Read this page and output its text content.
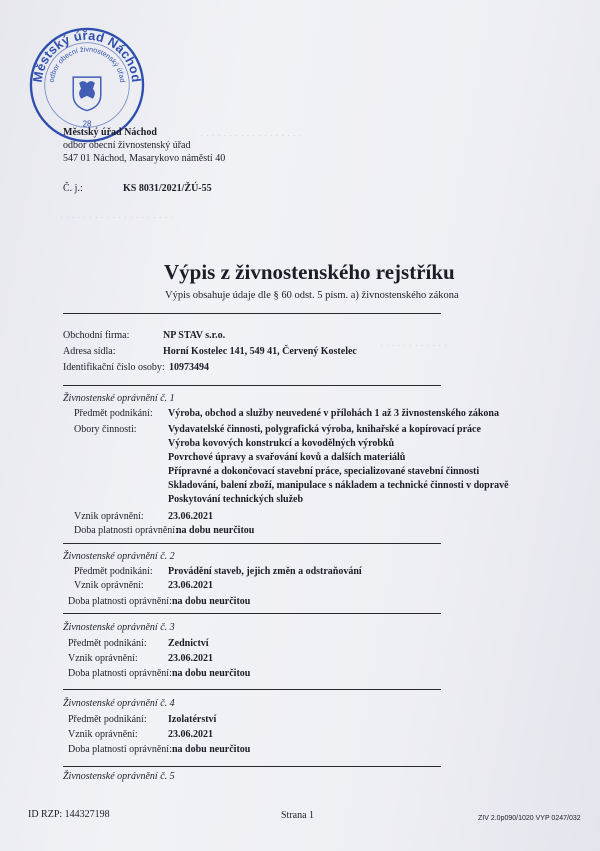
· · · · · · · · · · · · · · · · · ·
· · · · · · · · · · · · · · · · · · · ·
· · · · · · · · · · · ·
Městský úřad Náchod
odbor obecní živnostenský úřad
28
Městský úřad Náchod
odbor obecní živnostenský úřad
547 01 Náchod, Masarykovo náměstí 40
Č. j.:	KS 8031/2021/ŽÚ-55
Výpis z živnostenského rejstříku
Výpis obsahuje údaje dle § 60 odst. 5 písm. a) živnostenského zákona
Obchodní firma:	NP STAV s.r.o.
Adresa sídla:	Horní Kostelec 141, 549 41, Červený Kostelec
Identifikační číslo osoby: 10973494
Živnostenské oprávnění č. 1
Předmět podnikání: Výroba, obchod a služby neuvedené v přílohách 1 až 3 živnostenského zákona
Obory činnosti:	Vydavatelské činnosti, polygrafická výroba, knihařské a kopírovací práce
Výroba kovových konstrukcí a kovodělných výrobků
Povrchové úpravy a svařování kovů a dalších materiálů
Přípravné a dokončovací stavební práce, specializované stavební činnosti
Skladování, balení zboží, manipulace s nákladem a technické činnosti v dopravě
Poskytování technických služeb
Vznik oprávnění: 23.06.2021
Doba platnosti oprávnění:
na dobu neurčitou
Živnostenské oprávnění č. 2
Předmět podnikání: Provádění staveb, jejich změn a odstraňování
Vznik oprávnění: 23.06.2021
Doba platnosti oprávnění: na dobu neurčitou
Živnostenské oprávnění č. 3
Předmět podnikání: Zednictví
Vznik oprávnění:	23.06.2021
Doba platnosti oprávnění: na dobu neurčitou
Živnostenské oprávnění č. 4
Předmět podnikání: Izolatérství
Vznik oprávnění:	23.06.2021
Doba platnosti oprávnění: na dobu neurčitou
Živnostenské oprávnění č. 5
ID RZP: 144327198	Strana 1	ZIV 2.0p090/1020 VYP 0247/032
